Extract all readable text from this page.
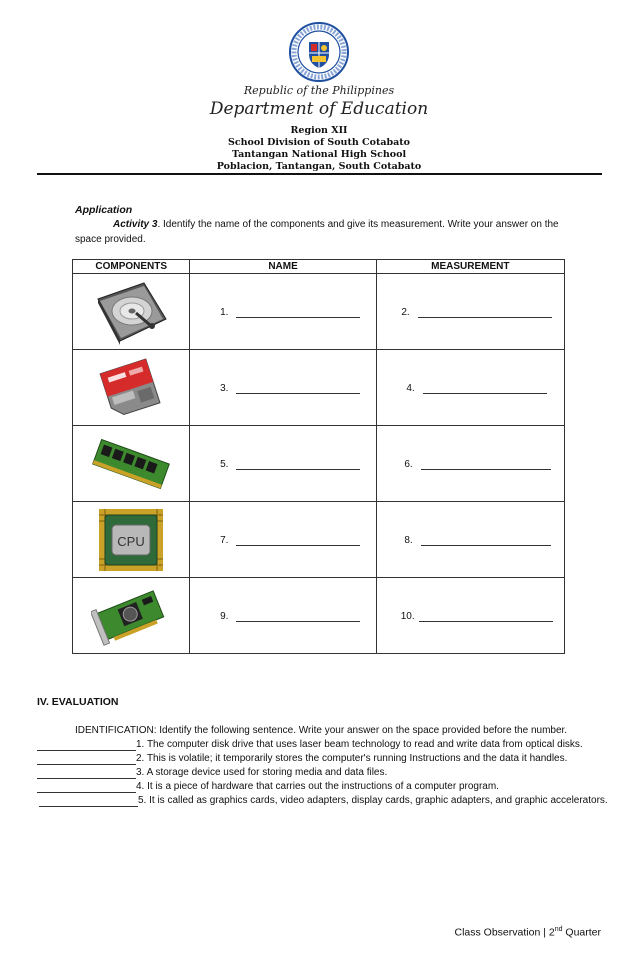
Republic of the Philippines
Department of Education
Region XII
School Division of South Cotabato
Tantangan National High School
Poblacion, Tantangan, South Cotabato
Application
Activity 3. Identify the name of the components and give its measurement. Write your answer on the space provided.
COMPONENTS	NAME	MEASUREMENT

	1.	2.

	3.	4.

	5.	6.

CPU	7.	8.

	9.	10.
IV. EVALUATION
IDENTIFICATION: Identify the following sentence. Write your answer on the space provided before the number.
1. The computer disk drive that uses laser beam technology to read and write data from optical disks.
2. This is volatile; it temporarily stores the computer's running Instructions and the data it handles.
3. A storage device used for storing media and data files.
4. It is a piece of hardware that carries out the instructions of a computer program.
5. It is called as graphics cards, video adapters, display cards, graphic adapters, and graphic accelerators.
Class Observation | 2nd Quarter
